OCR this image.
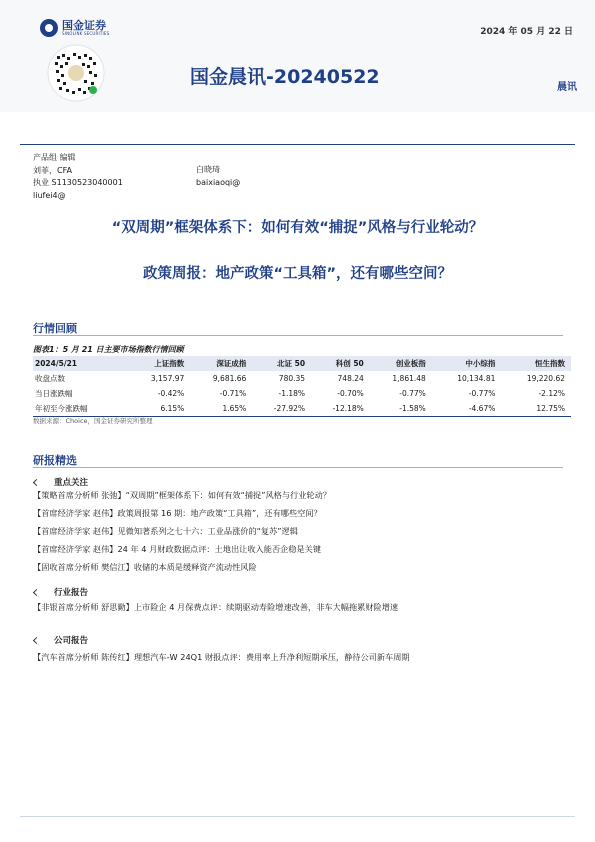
国金证券
SINOLINK SECURITIES	2024 年 05 月 22 日
国金晨讯-20240522	晨讯
产品组 编辑
刘菲，CFA
执业 S1130523040001
liufei4@
白晓琦
baixiaoqi@
“双周期”框架体系下：如何有效“捕捉”风格与行业轮动？
政策周报：地产政策“工具箱”，还有哪些空间？
行情回顾
图表1：5 月 21 日主要市场指数行情回顾
2024/5/21	上证指数	深证成指	北证 50	科创 50	创业板指	中小综指	恒生指数
收盘点数	3,157.97	9,681.66	780.35	748.24	1,861.48	10,134.81	19,220.62
当日涨跌幅	-0.42%	-0.71%	-1.18%	-0.70%	-0.77%	-0.77%	-2.12%
年初至今涨跌幅	6.15%	1.65%	-27.92%	-12.18%	-1.58%	-4.67%	12.75%
数据来源：Choice，国金证券研究所整理
研报精选
重点关注
【策略首席分析师 张弛】“双周期”框架体系下：如何有效“捕捉”风格与行业轮动？
【首席经济学家 赵伟】政策周报第 16 期：地产政策“工具箱”，还有哪些空间？
【首席经济学家 赵伟】见微知著系列之七十六：工业品涨价的“复苏”逻辑
【首席经济学家 赵伟】24 年 4 月财政数据点评：土地出让收入能否企稳是关键
【固收首席分析师 樊信江】收储的本质是缓释资产流动性风险
行业报告
【非银首席分析师 舒思勤】上市险企 4 月保费点评：续期驱动寿险增速改善，非车大幅拖累财险增速
公司报告
【汽车首席分析师 陈传红】理想汽车-W 24Q1 财报点评：费用率上升净利短期承压，静待公司新车周期
